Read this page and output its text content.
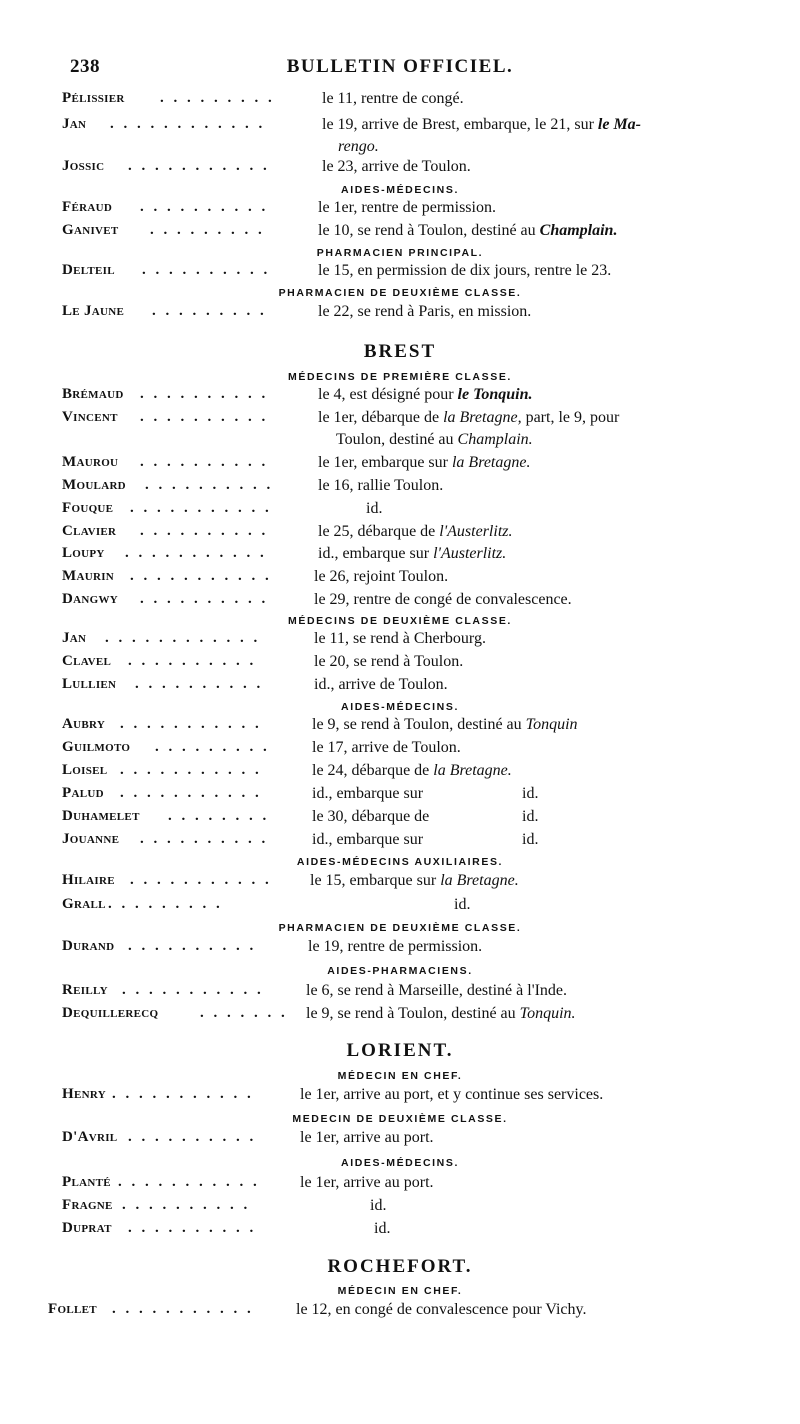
238	BULLETIN OFFICIEL.
Pélissier . . . . . . . . .	le 11, rentre de congé.
Jan . . . . . . . . . . . .	le 19, arrive de Brest, embarque, le 21, sur le Ma-
rengo.
Jossic . . . . . . . . . . .	le 23, arrive de Toulon.
AIDES-MÉDECINS.
Féraud . . . . . . . . . .	le 1er, rentre de permission.
Ganivet . . . . . . . . .	le 10, se rend à Toulon, destiné au Champlain.
PHARMACIEN PRINCIPAL.
Delteil . . . . . . . . . .	le 15, en permission de dix jours, rentre le 23.
PHARMACIEN DE DEUXIÈME CLASSE.
Le Jaune . . . . . . . . .	le 22, se rend à Paris, en mission.
BREST
MÉDECINS DE PREMIÈRE CLASSE.
Brémaud . . . . . . . . . .	le 4, est désigné pour le Tonquin.
Vincent . . . . . . . . . .	le 1er, débarque de la Bretagne, part, le 9, pour
Toulon, destiné au Champlain.
Maurou . . . . . . . . . .	le 1er, embarque sur la Bretagne.
Moulard . . . . . . . . . .	le 16, rallie Toulon.
Fouque . . . . . . . . . . .	id.
Clavier . . . . . . . . . .	le 25, débarque de l'Austerlitz.
Loupy . . . . . . . . . . .	id., embarque sur l'Austerlitz.
Maurin . . . . . . . . . . .	le 26, rejoint Toulon.
Dangwy . . . . . . . . . .	le 29, rentre de congé de convalescence.
MÉDECINS DE DEUXIÈME CLASSE.
Jan . . . . . . . . . . . .	le 11, se rend à Cherbourg.
Clavel . . . . . . . . . .	le 20, se rend à Toulon.
Lullien . . . . . . . . . .	id., arrive de Toulon.
AIDES-MÉDECINS.
Aubry . . . . . . . . . . .	le 9, se rend à Toulon, destiné au Tonquin
Guilmoto . . . . . . . . .	le 17, arrive de Toulon.
Loisel . . . . . . . . . . .	le 24, débarque de la Bretagne.
Palud . . . . . . . . . . .	id., embarque sur	id.
Duhamelet . . . . . . . .	le 30, débarque de	id.
Jouanne . . . . . . . . . .	id., embarque sur	id.
AIDES-MÉDECINS AUXILIAIRES.
Hilaire . . . . . . . . . . . le 15, embarque sur la Bretagne.
Grall . . . . . . . . .	id.
PHARMACIEN DE DEUXIÈME CLASSE.
Durand . . . . . . . . . .	le 19, rentre de permission.
AIDES-PHARMACIENS.
Reilly . . . . . . . . . . .	le 6, se rend à Marseille, destiné à l'Inde.
Dequillerecq	. . . . . . . le 9, se rend à Toulon, destiné au Tonquin.
LORIENT.
MÉDECIN EN CHEF.
Henry . . . . . . . . . . .	le 1er, arrive au port, et y continue ses services.
MEDECIN DE DEUXIÈME CLASSE.
D'Avril . . . . . . . . . .	le 1er, arrive au port.
AIDES-MÉDECINS.
Planté . . . . . . . . . . .	le 1er, arrive au port.
Fragne . . . . . . . . . .	id.
Duprat . . . . . . . . . .	id.
ROCHEFORT.
MÉDECIN EN CHEF.
Follet . . . . . . . . . . .	le 12, en congé de convalescence pour Vichy.
